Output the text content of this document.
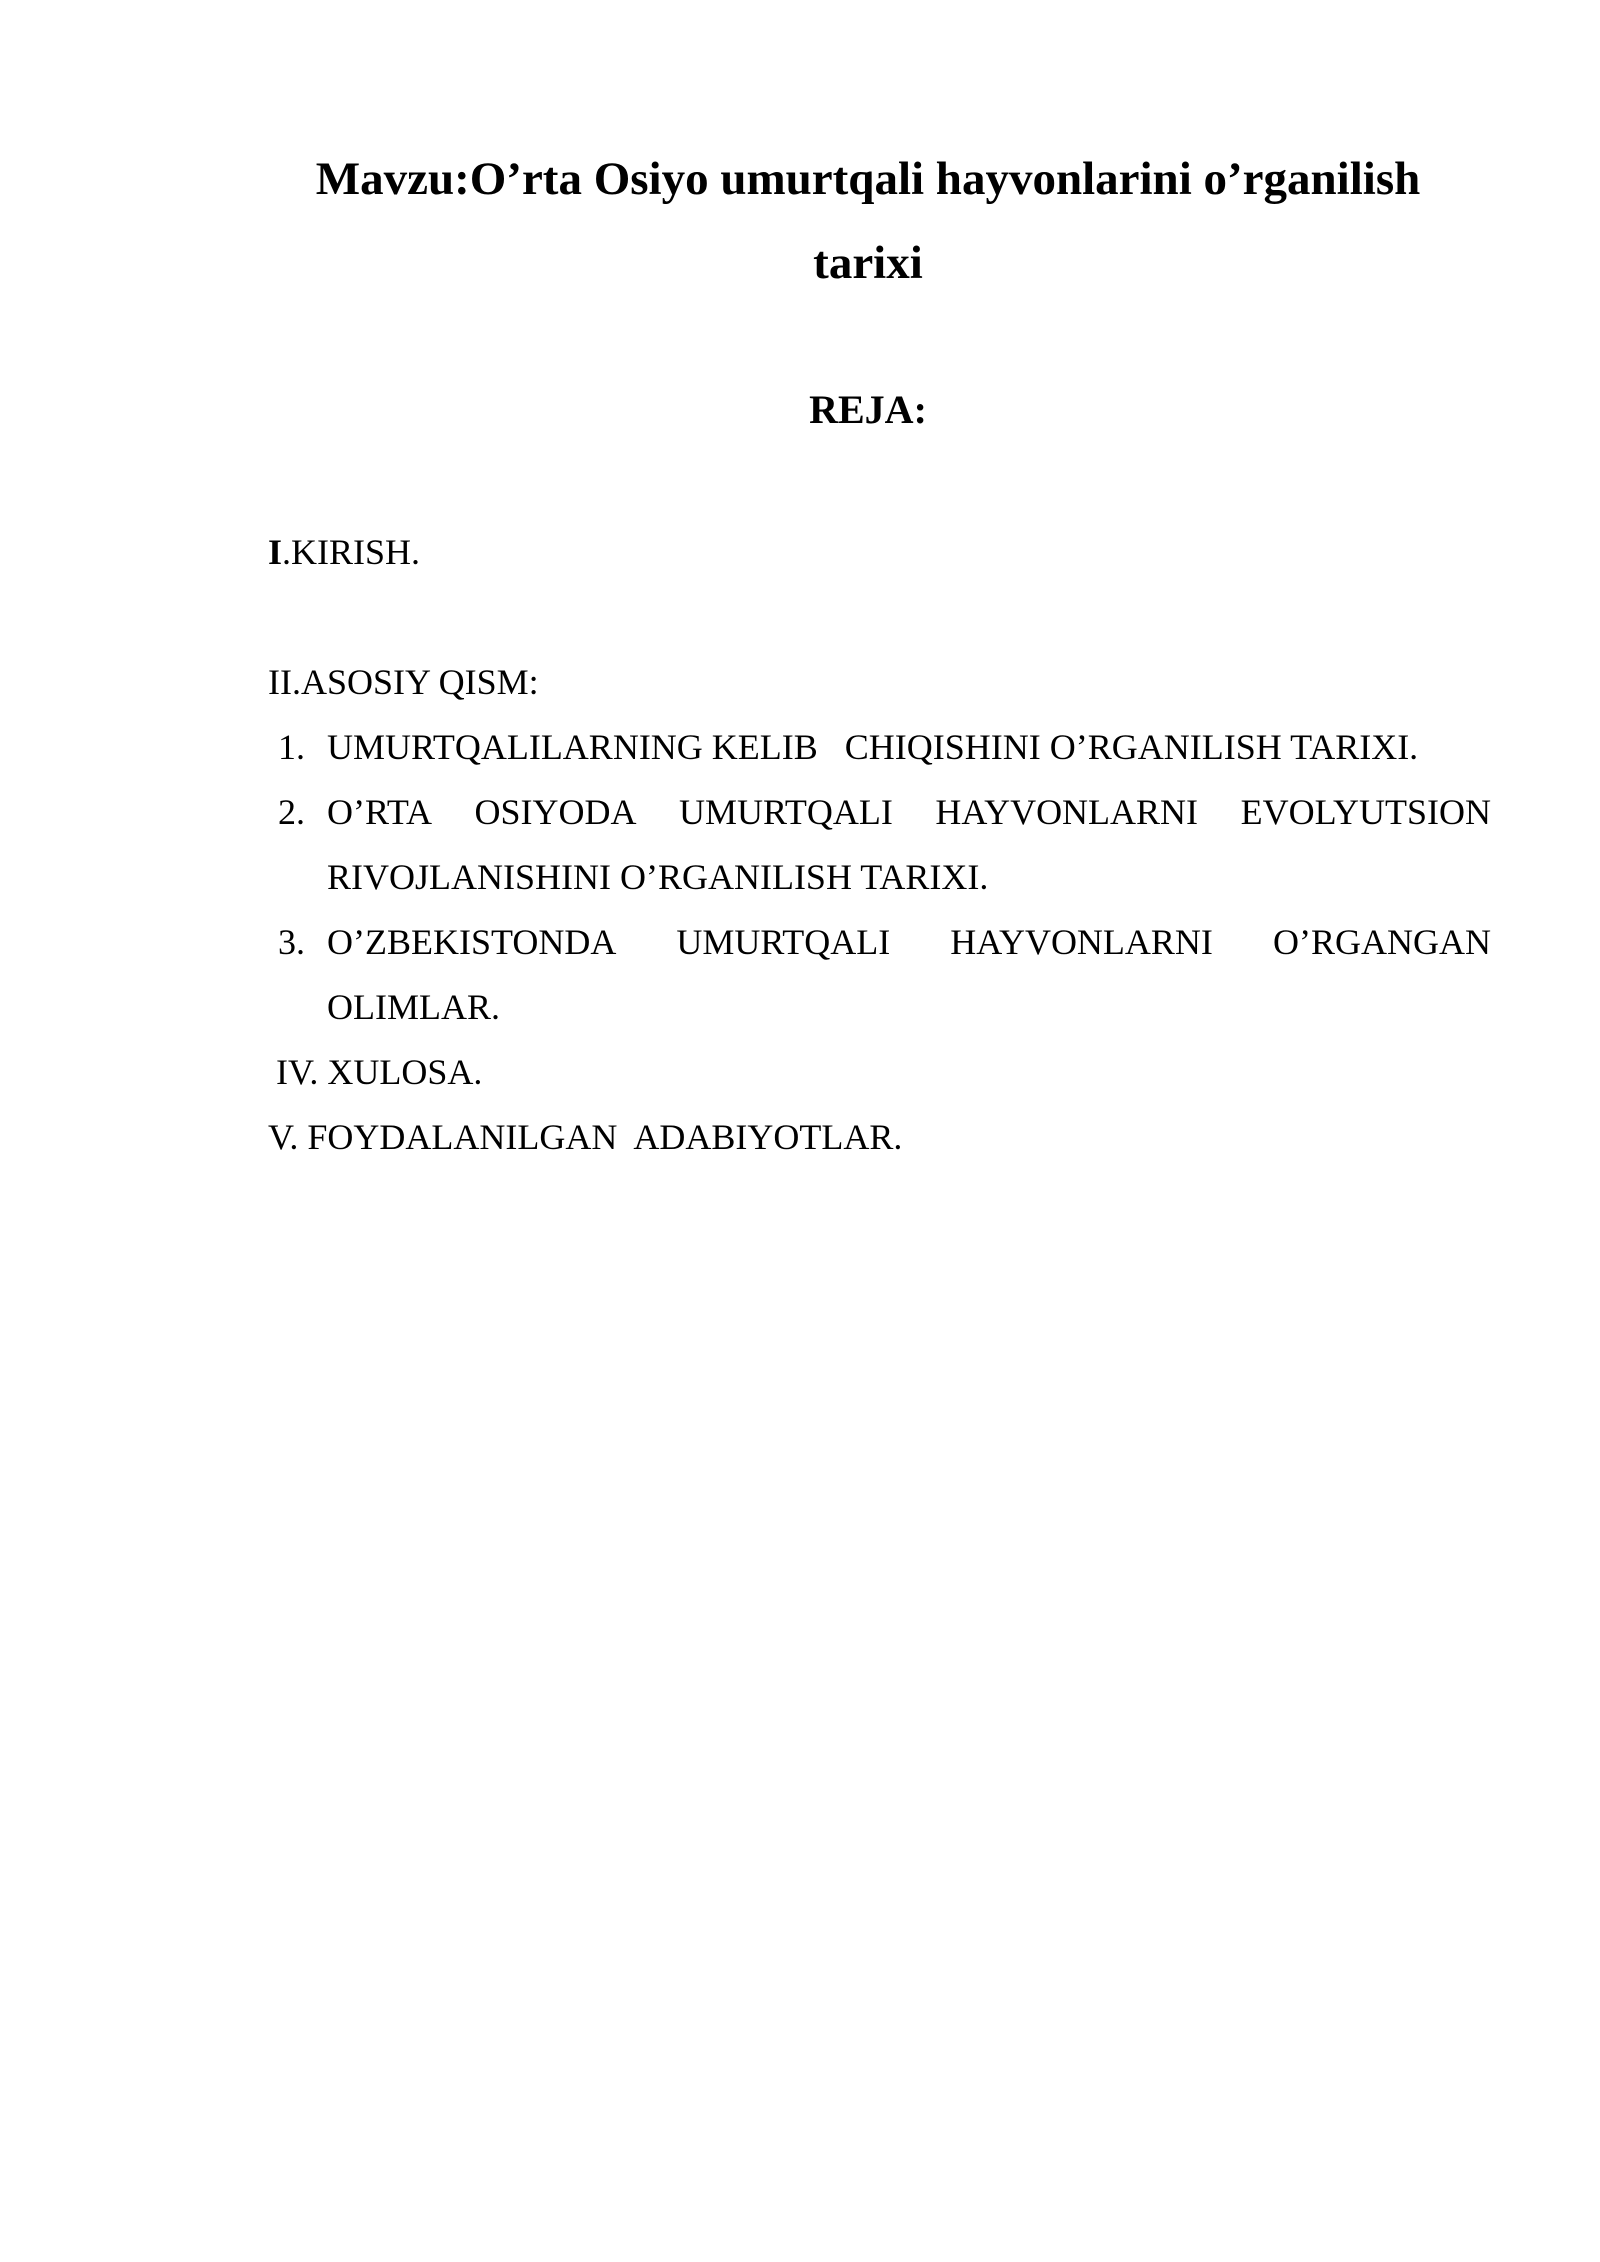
Mavzu:O’rta Osiyo umurtqali hayvonlarini o’rganilish
tarixi
REJA:

I.KIRISH.

II.ASOSIY QISM:

1. UMURTQALILARNING KELIB   CHIQISHINI O’RGANILISH TARIXI.

2. O’RTA OSIYODA UMURTQALI HAYVONLARNI EVOLYUTSION

RIVOJLANISHINI O’RGANILISH TARIXI.

3. O’ZBEKISTONDA UMURTQALI HAYVONLARNI O’RGANGAN

OLIMLAR.

IV. XULOSA.

V. FOYDALANILGAN  ADABIYOTLAR.
